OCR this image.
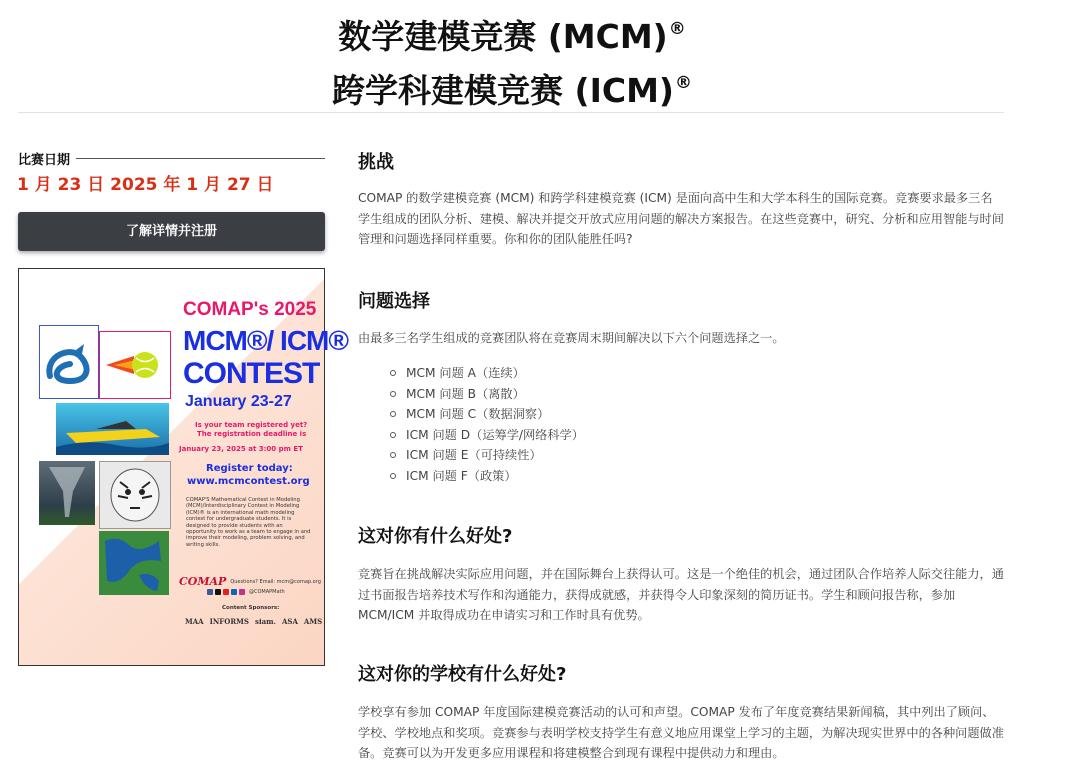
数学建模竞赛 (MCM)®
跨学科建模竞赛 (ICM)®
比赛日期
1 月 23 日 2025 年 1 月 27 日
了解详情并注册
COMAP's 2025
MCM®/ ICM®
CONTEST
January 23-27
Is your team registered yet?
The registration deadline is
January 23, 2025 at 3:00 pm ET
Register today:
www.mcmcontest.org
COMAP'S Mathematical Contest in Modeling (MCM)/Interdisciplinary Contest in Modeling (ICM)® is an international math modeling contest for undergraduate students. It is designed to provide students with an opportunity to work as a team to engage in and improve their modeling, problem solving, and writing skills.
COMAP Questions? Email: mcm@comap.org
@COMAPMath
Content Sponsors:
MAA INFORMS siam. ASA AMS
挑战
COMAP 的数学建模竞赛 (MCM) 和跨学科建模竞赛 (ICM) 是面向高中生和大学本科生的国际竞赛。竞赛要求最多三名学生组成的团队分析、建模、解决并提交开放式应用问题的解决方案报告。在这些竞赛中，研究、分析和应用智能与时间管理和问题选择同样重要。你和你的团队能胜任吗?
问题选择
由最多三名学生组成的竞赛团队将在竞赛周末期间解决以下六个问题选择之一。
MCM 问题 A（连续）
MCM 问题 B（离散）
MCM 问题 C（数据洞察）
ICM 问题 D（运筹学/网络科学）
ICM 问题 E（可持续性）
ICM 问题 F（政策）
这对你有什么好处?
竞赛旨在挑战解决实际应用问题，并在国际舞台上获得认可。这是一个绝佳的机会，通过团队合作培养人际交往能力，通过书面报告培养技术写作和沟通能力，获得成就感，并获得令人印象深刻的简历证书。学生和顾问报告称，参加 MCM/ICM 并取得成功在申请实习和工作时具有优势。
这对你的学校有什么好处?
学校享有参加 COMAP 年度国际建模竞赛活动的认可和声望。COMAP 发布了年度竞赛结果新闻稿，其中列出了顾问、学校、学校地点和奖项。竞赛参与表明学校支持学生有意义地应用课堂上学习的主题，为解决现实世界中的各种问题做准备。竞赛可以为开发更多应用课程和将建模整合到现有课程中提供动力和理由。
